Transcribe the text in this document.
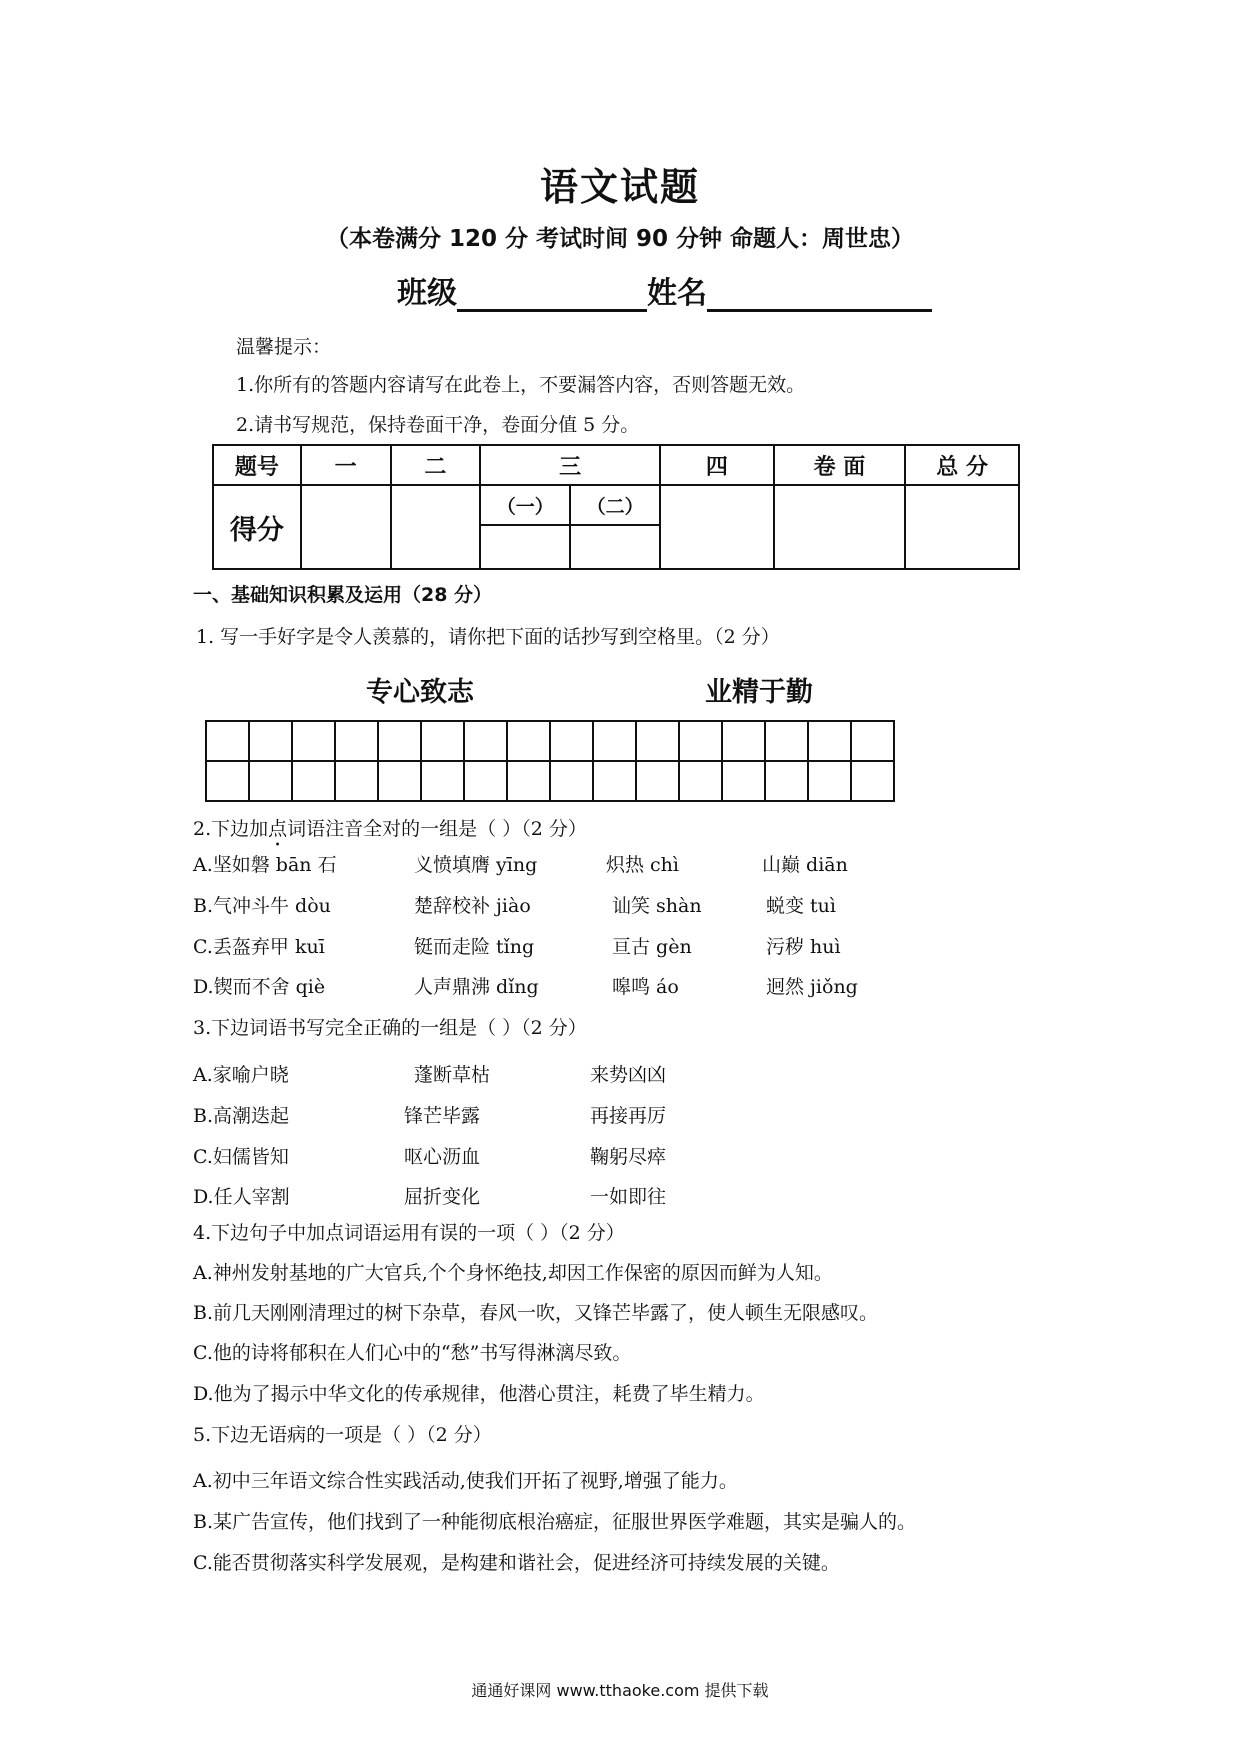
语文试题
（本卷满分 120 分 考试时间 90 分钟 命题人：周世忠）
班级	姓名
温馨提示：
1.你所有的答题内容请写在此卷上，不要漏答内容，否则答题无效。
2.请书写规范，保持卷面干净，卷面分值 5 分。
题号	一	二	三		四	卷 面	总 分
得分			（一）	（二）			

一、基础知识积累及运用（28 分）
1. 写一手好字是令人羡慕的，请你把下面的话抄写到空格里。（2 分）
专心致志	业精于勤

2.下边加点词语注音全对的一组是（ ）（2 分）
A.坚如磐 bān 石	义愤填膺 yīng	炽热 chì	山巅 diān
B.气冲斗牛 dòu	楚辞校补 jiào	讪笑 shàn	蜕变 tuì
C.丢盔弃甲 kuī	铤而走险 tǐng	亘古 gèn	污秽 huì
D.锲而不舍 qiè	人声鼎沸 dǐng	嗥鸣 áo	迥然 jiǒng
3.下边词语书写完全正确的一组是（ ）（2 分）
A.家喻户晓	蓬断草枯	来势凶凶
B.高潮迭起	锋芒毕露	再接再厉
C.妇儒皆知	呕心沥血	鞠躬尽瘁
D.任人宰割	屈折变化	一如即往
4.下边句子中加点词语运用有误的一项（ ）（2 分）
A.神州发射基地的广大官兵,个个身怀绝技,却因工作保密的原因而鲜为人知。
B.前几天刚刚清理过的树下杂草，春风一吹，又锋芒毕露了，使人顿生无限感叹。
C.他的诗将郁积在人们心中的“愁”书写得淋漓尽致。
D.他为了揭示中华文化的传承规律，他潜心贯注，耗费了毕生精力。
5.下边无语病的一项是（ ）（2 分）
A.初中三年语文综合性实践活动,使我们开拓了视野,增强了能力。
B.某广告宣传，他们找到了一种能彻底根治癌症，征服世界医学难题，其实是骗人的。
C.能否贯彻落实科学发展观，是构建和谐社会，促进经济可持续发展的关键。
通通好课网 www.tthaoke.com 提供下载
